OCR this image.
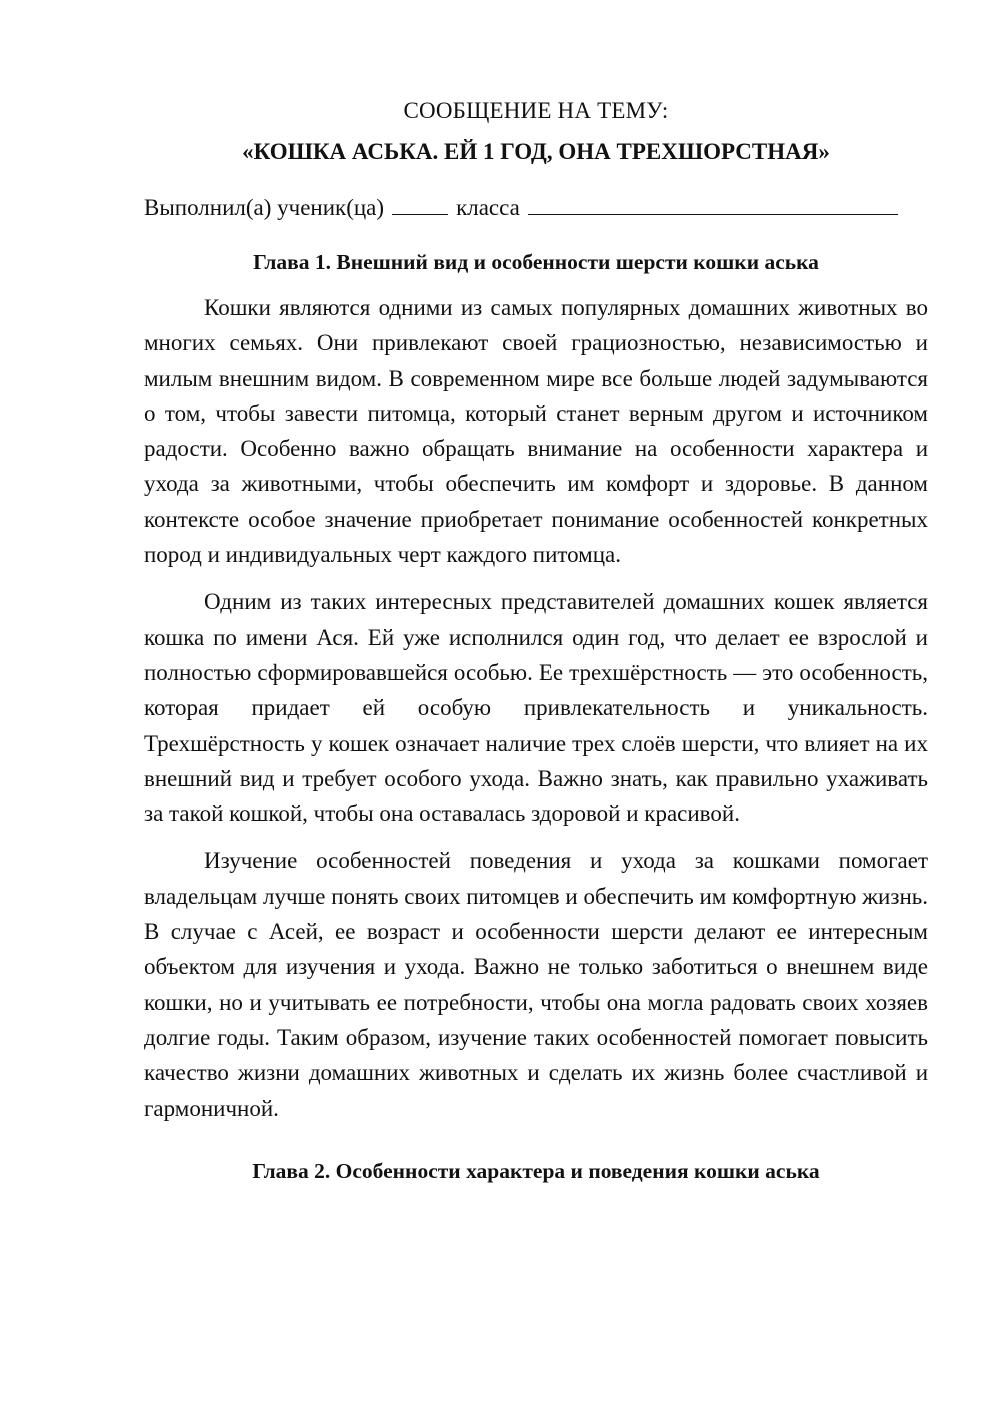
СООБЩЕНИЕ НА ТЕМУ:

«КОШКА АСЬКА. ЕЙ 1 ГОД, ОНА ТРЕХШОРСТНАЯ»

Выполнил(а) ученик(ца)	класса

Глава 1. Внешний вид и особенности шерсти кошки аська

Кошки являются одними из самых популярных домашних животных во многих семьях. Они привлекают своей грациозностью, независимостью и милым внешним видом. В современном мире все больше людей задумываются о том, чтобы завести питомца, который станет верным другом и источником радости. Особенно важно обращать внимание на особенности характера и ухода за животными, чтобы обеспечить им комфорт и здоровье. В данном контексте особое значение приобретает понимание особенностей конкретных пород и индивидуальных черт каждого питомца.

Одним из таких интересных представителей домашних кошек является кошка по имени Ася. Ей уже исполнился один год, что делает ее взрослой и полностью сформировавшейся особью. Ее трехшёрстность — это особенность, которая придает ей особую привлекательность и уникальность. Трехшёрстность у кошек означает наличие трех слоёв шерсти, что влияет на их внешний вид и требует особого ухода. Важно знать, как правильно ухаживать за такой кошкой, чтобы она оставалась здоровой и красивой.

Изучение особенностей поведения и ухода за кошками помогает владельцам лучше понять своих питомцев и обеспечить им комфортную жизнь. В случае с Асей, ее возраст и особенности шерсти делают ее интересным объектом для изучения и ухода. Важно не только заботиться о внешнем виде кошки, но и учитывать ее потребности, чтобы она могла радовать своих хозяев долгие годы. Таким образом, изучение таких особенностей помогает повысить качество жизни домашних животных и сделать их жизнь более счастливой и гармоничной.

Глава 2. Особенности характера и поведения кошки аська
